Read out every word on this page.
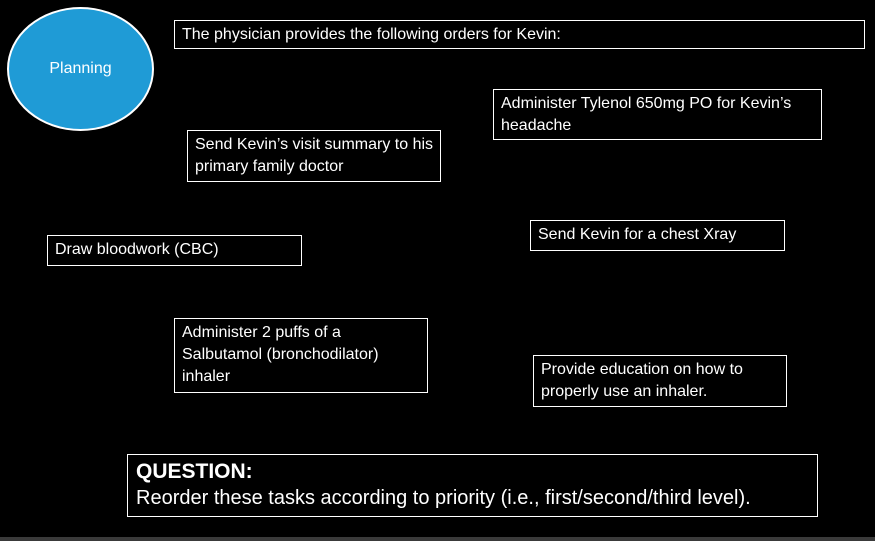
Planning
The physician provides the following orders for Kevin:
Administer Tylenol 650mg PO for Kevin’s headache
Send Kevin’s visit summary to his primary family doctor
Draw bloodwork (CBC)
Send Kevin for a chest Xray
Administer 2 puffs of a Salbutamol (bronchodilator) inhaler	Provide education on how to properly use an inhaler.
QUESTION:
Reorder these tasks according to priority (i.e., first/second/third level).
